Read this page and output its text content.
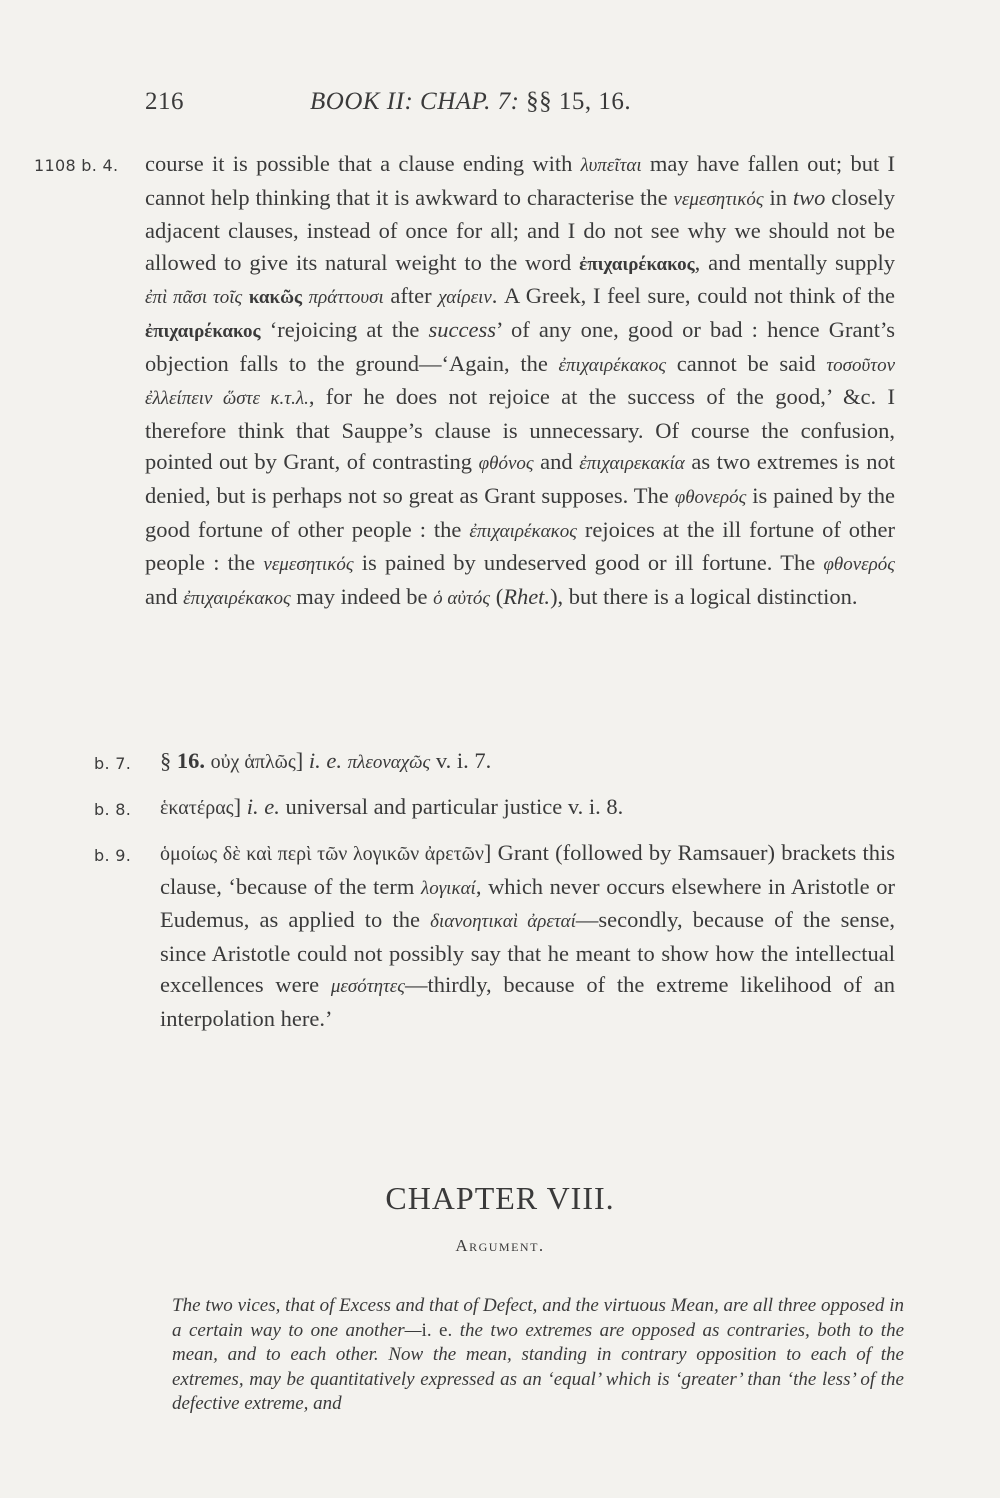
216	BOOK II: CHAP. 7: §§ 15, 16.
1108 b. 4. course it is possible that a clause ending with λυπεῖται may have fallen out; but I cannot help thinking that it is awkward to characterise the νεμεσητικός in two closely adjacent clauses, instead of once for all; and I do not see why we should not be allowed to give its natural weight to the word ἐπιχαιρέκακος, and mentally supply ἐπὶ πᾶσι τοῖς κακῶς πράττουσι after χαίρειν. A Greek, I feel sure, could not think of the ἐπιχαιρέκακος ‘rejoicing at the success’ of any one, good or bad : hence Grant’s objection falls to the ground—‘Again, the ἐπιχαιρέκακος cannot be said τοσοῦτον ἐλλείπειν ὥστε κ.τ.λ., for he does not rejoice at the success of the good,’ &c. I therefore think that Sauppe’s clause is unnecessary. Of course the confusion, pointed out by Grant, of contrasting φθόνος and ἐπιχαιρεκακία as two extremes is not denied, but is perhaps not so great as Grant supposes. The φθονερός is pained by the good fortune of other people : the ἐπιχαιρέκακος rejoices at the ill fortune of other people : the νεμεσητικός is pained by undeserved good or ill fortune. The φθονερός and ἐπιχαιρέκακος may indeed be ὁ αὐτός (Rhet.), but there is a logical distinction.

b. 7. § 16. οὐχ ἁπλῶς] i. e. πλεοναχῶς v. i. 7.

b. 8. ἑκατέρας] i. e. universal and particular justice v. i. 8.

b. 9. ὁμοίως δὲ καὶ περὶ τῶν λογικῶν ἀρετῶν] Grant (followed by Ramsauer) brackets this clause, ‘because of the term λογικαί, which never occurs elsewhere in Aristotle or Eudemus, as applied to the διανοητικαὶ ἀρεταί—secondly, because of the sense, since Aristotle could not possibly say that he meant to show how the intellectual excellences were μεσότητες—thirdly, because of the extreme likelihood of an interpolation here.’

CHAPTER VIII.
Argument.
The two vices, that of Excess and that of Defect, and the virtuous Mean, are all three opposed in a certain way to one another—i. e. the two extremes are opposed as contraries, both to the mean, and to each other. Now the mean, standing in contrary opposition to each of the extremes, may be quantitatively expressed as an ‘equal’ which is ‘greater’ than ‘the less’ of the defective extreme, and
